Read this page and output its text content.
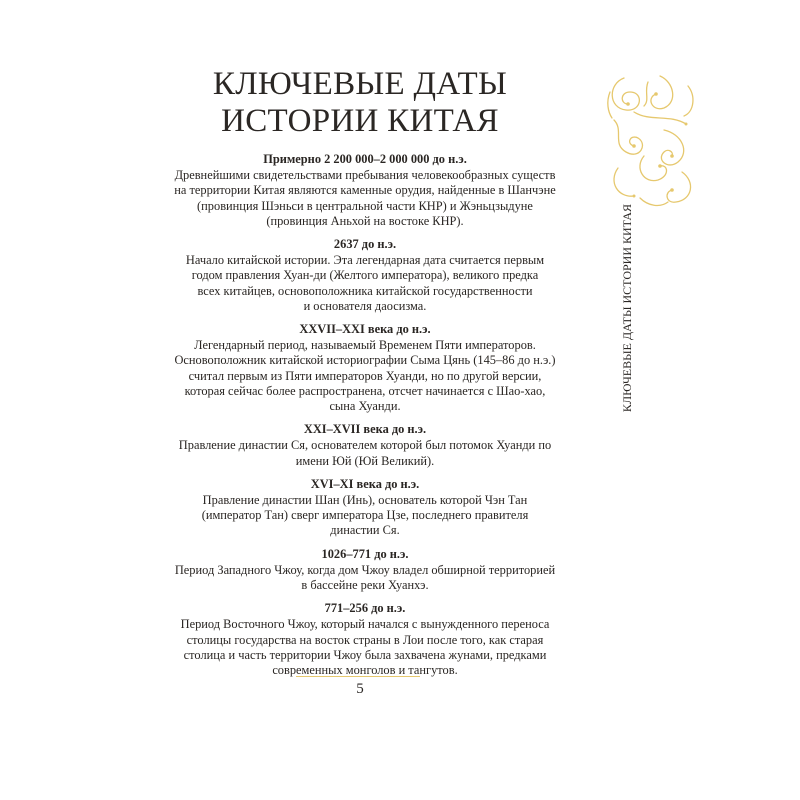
КЛЮЧЕВЫЕ ДАТЫ
ИСТОРИИ КИТАЯ
Примерно 2 200 000–2 000 000 до н.э.
Древнейшими свидетельствами пребывания человекообразных существ
на территории Китая являются каменные орудия, найденные в Шанчэне
(провинция Шэньси в центральной части КНР) и Жэньцзыдуне
(провинция Аньхой на востоке КНР).
2637 до н.э.
Начало китайской истории. Эта легендарная дата считается первым
годом правления Хуан-ди (Желтого императора), великого предка
всех китайцев, основоположника китайской государственности
и основателя даосизма.
XXVII–XXI века до н.э.
Легендарный период, называемый Временем Пяти императоров.
Основоположник китайской историографии Сыма Цянь (145–86 до н.э.)
считал первым из Пяти императоров Хуанди, но по другой версии,
которая сейчас более распространена, отсчет начинается с Шао-хао,
сына Хуанди.
XXI–XVII века до н.э.
Правление династии Ся, основателем которой был потомок Хуанди по
имени Юй (Юй Великий).
XVI–XI века до н.э.
Правление династии Шан (Инь), основатель которой Чэн Тан
(император Тан) сверг императора Цзе, последнего правителя
династии Ся.
1026–771 до н.э.
Период Западного Чжоу, когда дом Чжоу владел обширной территорией
в бассейне реки Хуанхэ.
771–256 до н.э.
Период Восточного Чжоу, который начался с вынужденного переноса
столицы государства на восток страны в Лои после того, как старая
столица и часть территории Чжоу была захвачена жунами, предками
современных монголов и тангутов.
5
КЛЮЧЕВЫЕ ДАТЫ ИСТОРИИ КИТАЯ
